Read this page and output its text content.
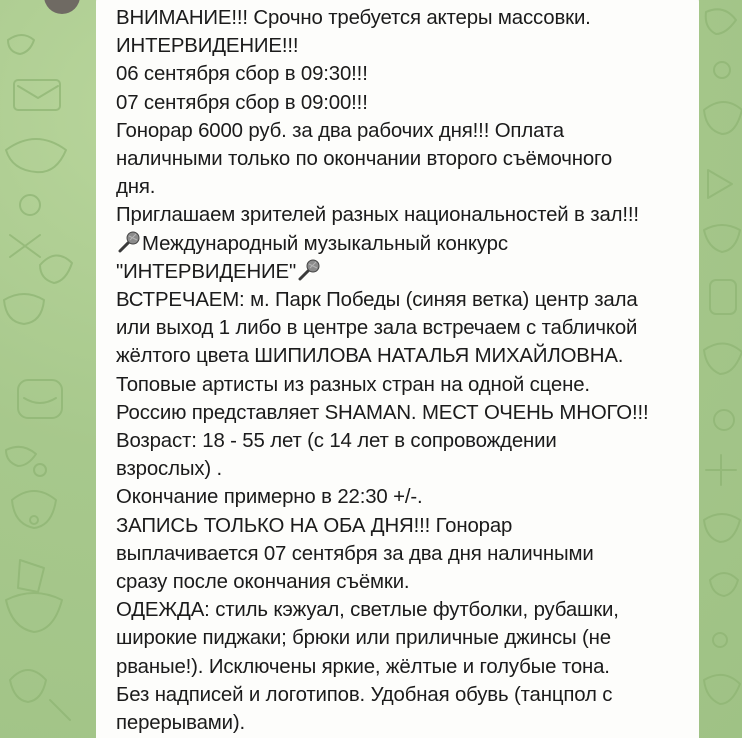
ВНИМАНИЕ!!! Срочно требуется актеры массовки.
ИНТЕРВИДЕНИЕ!!!
06 сентября сбор в 09:30!!!
07 сентября сбор в 09:00!!!
Гонорар 6000 руб. за два рабочих дня!!! Оплата
наличными только по окончании второго съёмочного
дня.
Приглашаем зрителей разных национальностей в зал!!!
Международный музыкальный конкурс
"ИНТЕРВИДЕНИЕ"
ВСТРЕЧАЕМ: м. Парк Победы (синяя ветка) центр зала
или выход 1 либо в центре зала встречаем с табличкой
жёлтого цвета ШИПИЛОВА НАТАЛЬЯ МИХАЙЛОВНА.
Топовые артисты из разных стран на одной сцене.
Россию представляет SHAMAN. МЕСТ ОЧЕНЬ МНОГО!!!
Возраст: 18 - 55 лет (с 14 лет в сопровождении
взрослых) .
Окончание примерно в 22:30 +/-.
ЗАПИСЬ ТОЛЬКО НА ОБА ДНЯ!!! Гонорар
выплачивается 07 сентября за два дня наличными
сразу после окончания съёмки.
ОДЕЖДА: стиль кэжуал, светлые футболки, рубашки,
широкие пиджаки; брюки или приличные джинсы (не
рваные!). Исключены яркие, жёлтые и голубые тона.
Без надписей и логотипов. Удобная обувь (танцпол с
перерывами).
